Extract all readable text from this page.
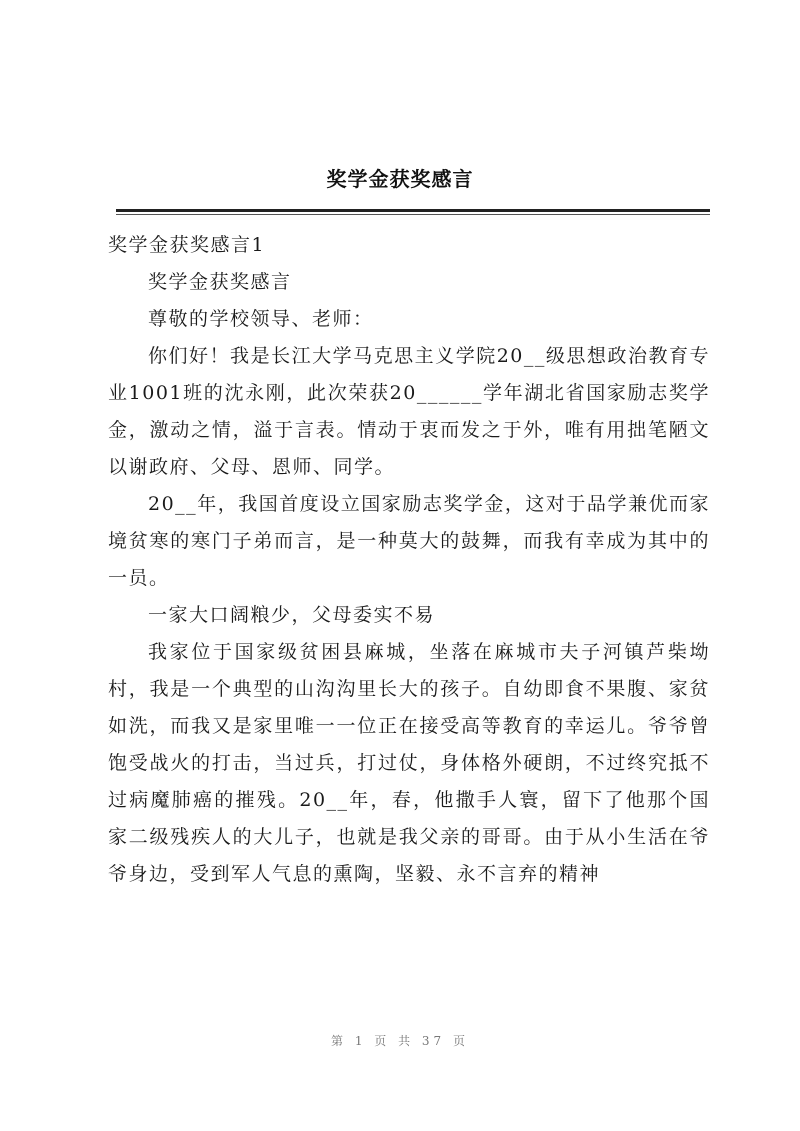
奖学金获奖感言

奖学金获奖感言1

奖学金获奖感言

尊敬的学校领导、老师：

你们好！我是长江大学马克思主义学院20__级思想政治教育专业1001班的沈永刚，此次荣获20______学年湖北省国家励志奖学金，激动之情，溢于言表。情动于衷而发之于外，唯有用拙笔陋文以谢政府、父母、恩师、同学。

20__年，我国首度设立国家励志奖学金，这对于品学兼优而家境贫寒的寒门子弟而言，是一种莫大的鼓舞，而我有幸成为其中的一员。

一家大口阔粮少，父母委实不易

我家位于国家级贫困县麻城，坐落在麻城市夫子河镇芦柴坳村，我是一个典型的山沟沟里长大的孩子。自幼即食不果腹、家贫如洗，而我又是家里唯一一位正在接受高等教育的幸运儿。爷爷曾饱受战火的打击，当过兵，打过仗，身体格外硬朗，不过终究抵不过病魔肺癌的摧残。20__年，春，他撒手人寰，留下了他那个国家二级残疾人的大儿子，也就是我父亲的哥哥。由于从小生活在爷爷身边，受到军人气息的熏陶，坚毅、永不言弃的精神

第 1 页 共 37 页
